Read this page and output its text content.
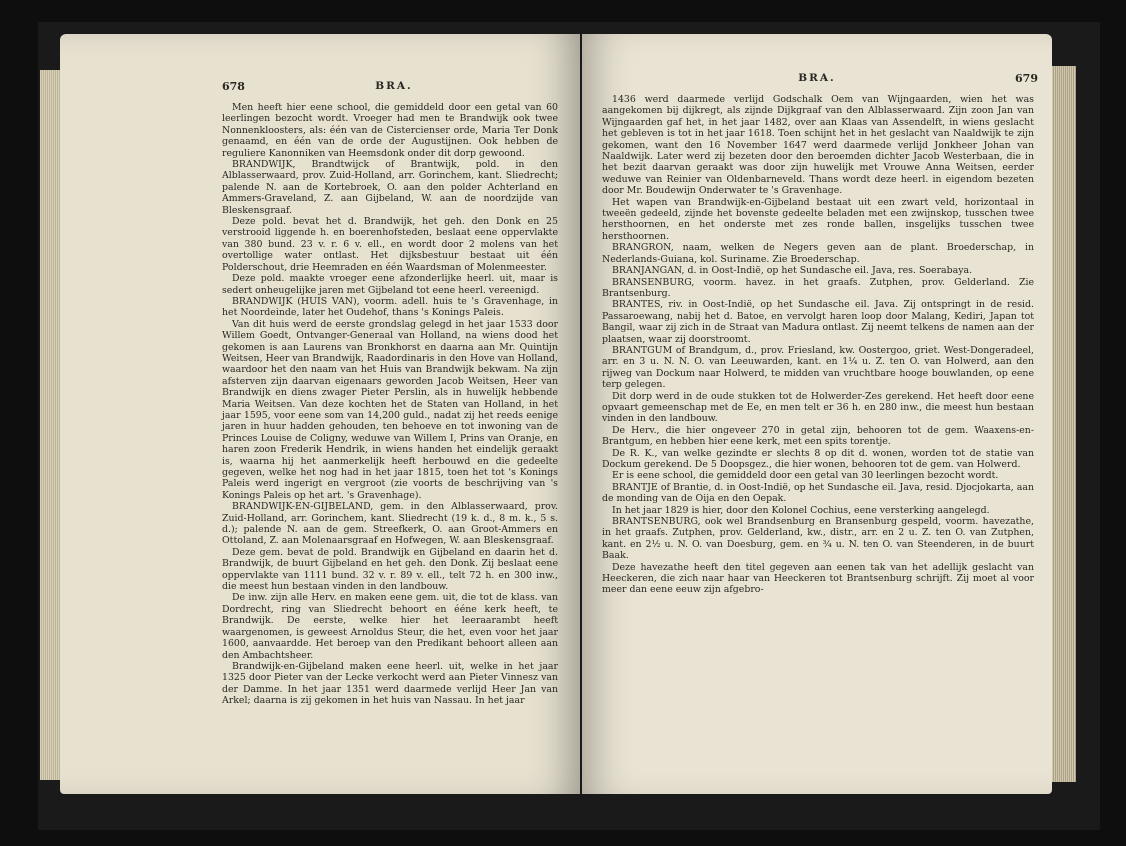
678	BRA.

Men heeft hier eene school, die gemiddeld door een getal van 60 leerlingen bezocht wordt. Vroeger had men te Brandwijk ook twee Nonnenkloosters, als: één van de Cistercienser orde, Maria Ter Donk genaamd, en één van de orde der Augustijnen. Ook hebben de reguliere Kanonniken van Heemsdonk onder dit dorp gewoond.

BRANDWIJK, Brandtwijck of Brantwijk, pold. in den Alblasserwaard, prov. Zuid-Holland, arr. Gorinchem, kant. Sliedrecht; palende N. aan de Kortebroek, O. aan den polder Achterland en Ammers-Graveland, Z. aan Gijbeland, W. aan de noordzijde van Bleskensgraaf.

Deze pold. bevat het d. Brandwijk, het geh. den Donk en 25 verstrooid liggende h. en boerenhofsteden, beslaat eene oppervlakte van 380 bund. 23 v. r. 6 v. ell., en wordt door 2 molens van het overtollige water ontlast. Het dijksbestuur bestaat uit één Polderschout, drie Heemraden en één Waardsman of Molenmeester.

Deze pold. maakte vroeger eene afzonderlijke heerl. uit, maar is sedert onheugelijke jaren met Gijbeland tot eene heerl. vereenigd.

BRANDWIJK (HUIS VAN), voorm. adell. huis te 's Gravenhage, in het Noordeinde, later het Oudehof, thans 's Konings Paleis.

Van dit huis werd de eerste grondslag gelegd in het jaar 1533 door Willem Goedt, Ontvanger-Generaal van Holland, na wiens dood het gekomen is aan Laurens van Bronkhorst en daarna aan Mr. Quintijn Weitsen, Heer van Brandwijk, Raadordinaris in den Hove van Holland, waardoor het den naam van het Huis van Brandwijk bekwam. Na zijn afsterven zijn daarvan eigenaars geworden Jacob Weitsen, Heer van Brandwijk en diens zwager Pieter Perslin, als in huwelijk hebbende Maria Weitsen. Van deze kochten het de Staten van Holland, in het jaar 1595, voor eene som van 14,200 guld., nadat zij het reeds eenige jaren in huur hadden gehouden, ten behoeve en tot inwoning van de Princes Louise de Coligny, weduwe van Willem I, Prins van Oranje, en haren zoon Frederik Hendrik, in wiens handen het eindelijk geraakt is, waarna hij het aanmerkelijk heeft herbouwd en die gedeelte gegeven, welke het nog had in het jaar 1815, toen het tot 's Konings Paleis werd ingerigt en vergroot (zie voorts de beschrijving van 's Konings Paleis op het art. 's Gravenhage).

BRANDWIJK-EN-GIJBELAND, gem. in den Alblasserwaard, prov. Zuid-Holland, arr. Gorinchem, kant. Sliedrecht (19 k. d., 8 m. k., 5 s. d.); palende N. aan de gem. Streefkerk, O. aan Groot-Ammers en Ottoland, Z. aan Molenaarsgraaf en Hofwegen, W. aan Bleskensgraaf.

Deze gem. bevat de pold. Brandwijk en Gijbeland en daarin het d. Brandwijk, de buurt Gijbeland en het geh. den Donk. Zij beslaat eene oppervlakte van 1111 bund. 32 v. r. 89 v. ell., telt 72 h. en 300 inw., die meest hun bestaan vinden in den landbouw.

De inw. zijn alle Herv. en maken eene gem. uit, die tot de klass. van Dordrecht, ring van Sliedrecht behoort en ééne kerk heeft, te Brandwijk. De eerste, welke hier het leeraarambt heeft waargenomen, is geweest Arnoldus Steur, die het, even voor het jaar 1600, aanvaardde. Het beroep van den Predikant behoort alleen aan den Ambachtsheer.

Brandwijk-en-Gijbeland maken eene heerl. uit, welke in het jaar 1325 door Pieter van der Lecke verkocht werd aan Pieter Vinnesz van der Damme. In het jaar 1351 werd daarmede verlijd Heer Jan van Arkel; daarna is zij gekomen in het huis van Nassau. In het jaar

BRA.	679

1436 werd daarmede verlijd Godschalk Oem van Wijngaarden, wien het was aangekomen bij dijkregt, als zijnde Dijkgraaf van den Alblasserwaard. Zijn zoon Jan van Wijngaarden gaf het, in het jaar 1482, over aan Klaas van Assendelft, in wiens geslacht het gebleven is tot in het jaar 1618. Toen schijnt het in het geslacht van Naaldwijk te zijn gekomen, want den 16 November 1647 werd daarmede verlijd Jonkheer Johan van Naaldwijk. Later werd zij bezeten door den beroemden dichter Jacob Westerbaan, die in het bezit daarvan geraakt was door zijn huwelijk met Vrouwe Anna Weitsen, eerder weduwe van Reinier van Oldenbarneveld. Thans wordt deze heerl. in eigendom bezeten door Mr. Boudewijn Onderwater te 's Gravenhage.

Het wapen van Brandwijk-en-Gijbeland bestaat uit een zwart veld, horizontaal in tweeën gedeeld, zijnde het bovenste gedeelte beladen met een zwijnskop, tusschen twee hersthoornen, en het onderste met zes ronde ballen, insgelijks tusschen twee hersthoornen.

BRANGRON, naam, welken de Negers geven aan de plant. Broederschap, in Nederlands-Guiana, kol. Suriname. Zie Broederschap.

BRANJANGAN, d. in Oost-Indië, op het Sundasche eil. Java, res. Soerabaya.

BRANSENBURG, voorm. havez. in het graafs. Zutphen, prov. Gelderland. Zie Brantsenburg.

BRANTES, riv. in Oost-Indië, op het Sundasche eil. Java. Zij ontspringt in de resid. Passaroewang, nabij het d. Batoe, en vervolgt haren loop door Malang, Kediri, Japan tot Bangil, waar zij zich in de Straat van Madura ontlast. Zij neemt telkens de namen aan der plaatsen, waar zij doorstroomt.

BRANTGUM of Brandgum, d., prov. Friesland, kw. Oostergoo, griet. West-Dongeradeel, arr. en 3 u. N. N. O. van Leeuwarden, kant. en 1¼ u. Z. ten O. van Holwerd, aan den rijweg van Dockum naar Holwerd, te midden van vruchtbare hooge bouwlanden, op eene terp gelegen.

Dit dorp werd in de oude stukken tot de Holwerder-Zes gerekend. Het heeft door eene opvaart gemeenschap met de Ee, en men telt er 36 h. en 280 inw., die meest hun bestaan vinden in den landbouw.

De Herv., die hier ongeveer 270 in getal zijn, behooren tot de gem. Waaxens-en-Brantgum, en hebben hier eene kerk, met een spits torentje.

De R. K., van welke gezindte er slechts 8 op dit d. wonen, worden tot de statie van Dockum gerekend. De 5 Doopsgez., die hier wonen, behooren tot de gem. van Holwerd.

Er is eene school, die gemiddeld door een getal van 30 leerlingen bezocht wordt.

BRANTJE of Brantie, d. in Oost-Indië, op het Sundasche eil. Java, resid. Djocjokarta, aan de monding van de Oija en den Oepak.

In het jaar 1829 is hier, door den Kolonel Cochius, eene versterking aangelegd.

BRANTSENBURG, ook wel Brandsenburg en Bransenburg gespeld, voorm. havezathe, in het graafs. Zutphen, prov. Gelderland, kw., distr., arr. en 2 u. Z. ten O. van Zutphen, kant. en 2½ u. N. O. van Doesburg, gem. en ¾ u. N. ten O. van Steenderen, in de buurt Baak.

Deze havezathe heeft den titel gegeven aan eenen tak van het adellijk geslacht van Heeckeren, die zich naar haar van Heeckeren tot Brantsenburg schrijft. Zij moet al voor meer dan eene eeuw zijn afgebro-
